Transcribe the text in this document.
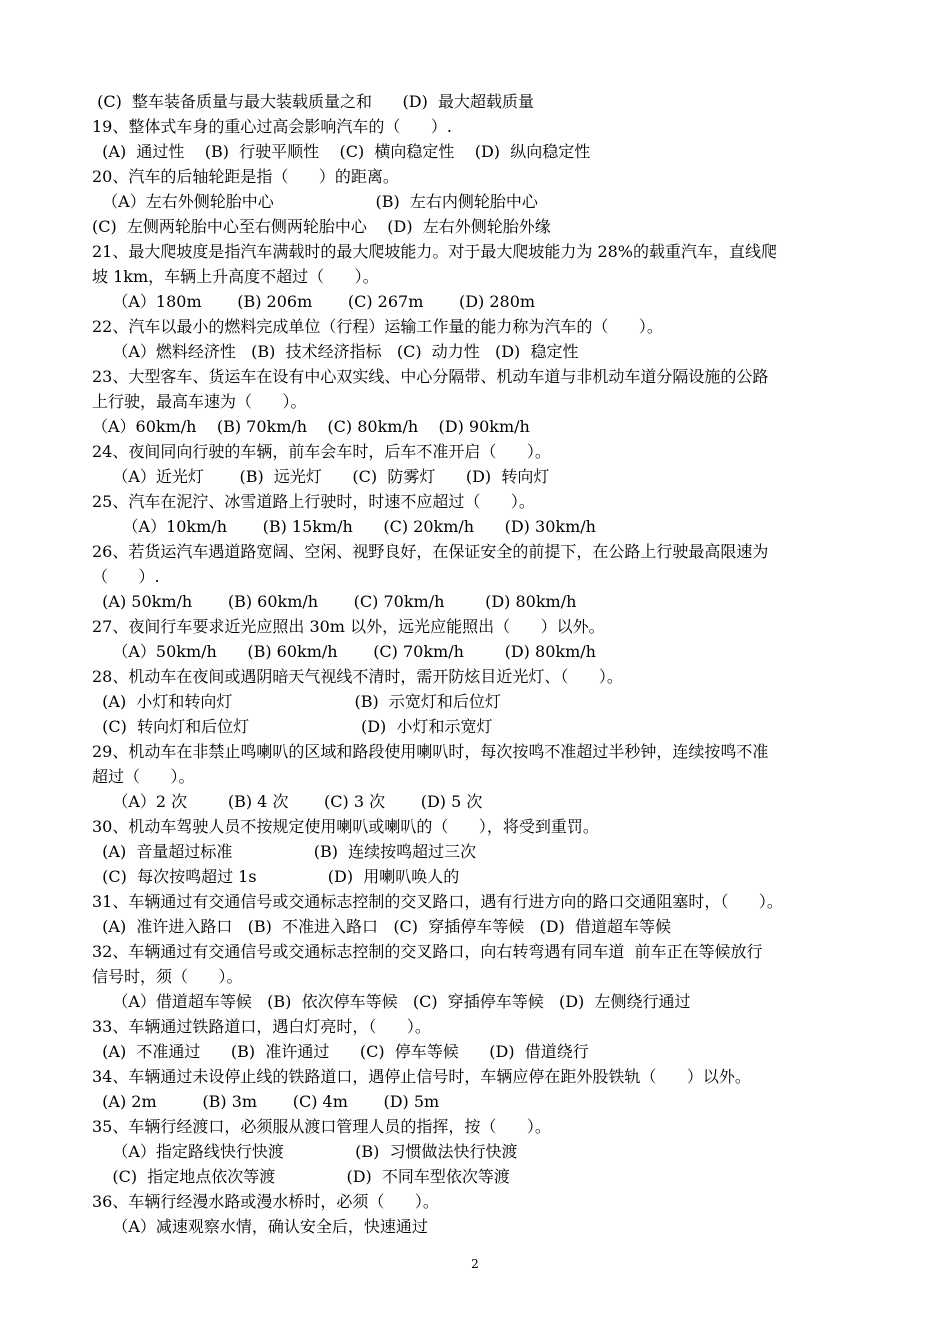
(C)  整车装备质量与最大装载质量之和      (D)  最大超载质量
19、整体式车身的重心过高会影响汽车的（      ）.
(A)  通过性    (B)  行驶平顺性    (C)  横向稳定性    (D)  纵向稳定性
20、汽车的后轴轮距是指（      ）的距离。
（A）左右外侧轮胎中心                    (B)  左右内侧轮胎中心
(C)  左侧两轮胎中心至右侧两轮胎中心    (D)  左右外侧轮胎外缘
21、最大爬坡度是指汽车满载时的最大爬坡能力。对于最大爬坡能力为 28%的载重汽车，直线爬
坡 1km，车辆上升高度不超过（      ）。
（A）180m       (B) 206m       (C) 267m       (D) 280m
22、汽车以最小的燃料完成单位（行程）运输工作量的能力称为汽车的（      ）。
（A）燃料经济性   (B)  技术经济指标   (C)  动力性   (D)  稳定性
23、大型客车、货运车在设有中心双实线、中心分隔带、机动车道与非机动车道分隔设施的公路
上行驶，最高车速为（      ）。
（A）60km/h    (B) 70km/h    (C) 80km/h    (D) 90km/h
24、夜间同向行驶的车辆，前车会车时，后车不准开启（      ）。
（A）近光灯       (B)  远光灯      (C)  防雾灯      (D)  转向灯
25、汽车在泥泞、冰雪道路上行驶时，时速不应超过（      ）。
（A）10km/h       (B) 15km/h      (C) 20km/h      (D) 30km/h
26、若货运汽车遇道路宽阔、空闲、视野良好，在保证安全的前提下，在公路上行驶最高限速为
（      ）.
(A) 50km/h       (B) 60km/h       (C) 70km/h        (D) 80km/h
27、夜间行车要求近光应照出 30m 以外，远光应能照出（      ）以外。
（A）50km/h      (B) 60km/h       (C) 70km/h        (D) 80km/h
28、机动车在夜间或遇阴暗天气视线不清时，需开防炫目近光灯、（      ）。
(A)  小灯和转向灯                        (B)  示宽灯和后位灯
(C)  转向灯和后位灯                      (D)  小灯和示宽灯
29、机动车在非禁止鸣喇叭的区域和路段使用喇叭时，每次按鸣不准超过半秒钟，连续按鸣不准
超过（      ）。
（A）2 次        (B) 4 次       (C) 3 次       (D) 5 次
30、机动车驾驶人员不按规定使用喇叭或喇叭的（      ），将受到重罚。
(A)  音量超过标准                (B)  连续按鸣超过三次
(C)  每次按鸣超过 1s              (D)  用喇叭唤人的
31、车辆通过有交通信号或交通标志控制的交叉路口，遇有行进方向的路口交通阻塞时，（      ）。
(A)  准许进入路口   (B)  不准进入路口   (C)  穿插停车等候   (D)  借道超车等候
32、车辆通过有交通信号或交通标志控制的交叉路口，向右转弯遇有同车道  前车正在等候放行
信号时，须（      ）。
（A）借道超车等候   (B)  依次停车等候   (C)  穿插停车等候   (D)  左侧绕行通过
33、车辆通过铁路道口，遇白灯亮时，（      ）。
(A)  不准通过      (B)  准许通过      (C)  停车等候      (D)  借道绕行
34、车辆通过未设停止线的铁路道口，遇停止信号时，车辆应停在距外股铁轨（      ）以外。
(A) 2m         (B) 3m       (C) 4m       (D) 5m
35、车辆行经渡口，必须服从渡口管理人员的指挥，按（      ）。
（A）指定路线快行快渡              (B)  习惯做法快行快渡
(C)  指定地点依次等渡              (D)  不同车型依次等渡
36、车辆行经漫水路或漫水桥时，必须（      ）。
（A）减速观察水情，确认安全后，快速通过
2
